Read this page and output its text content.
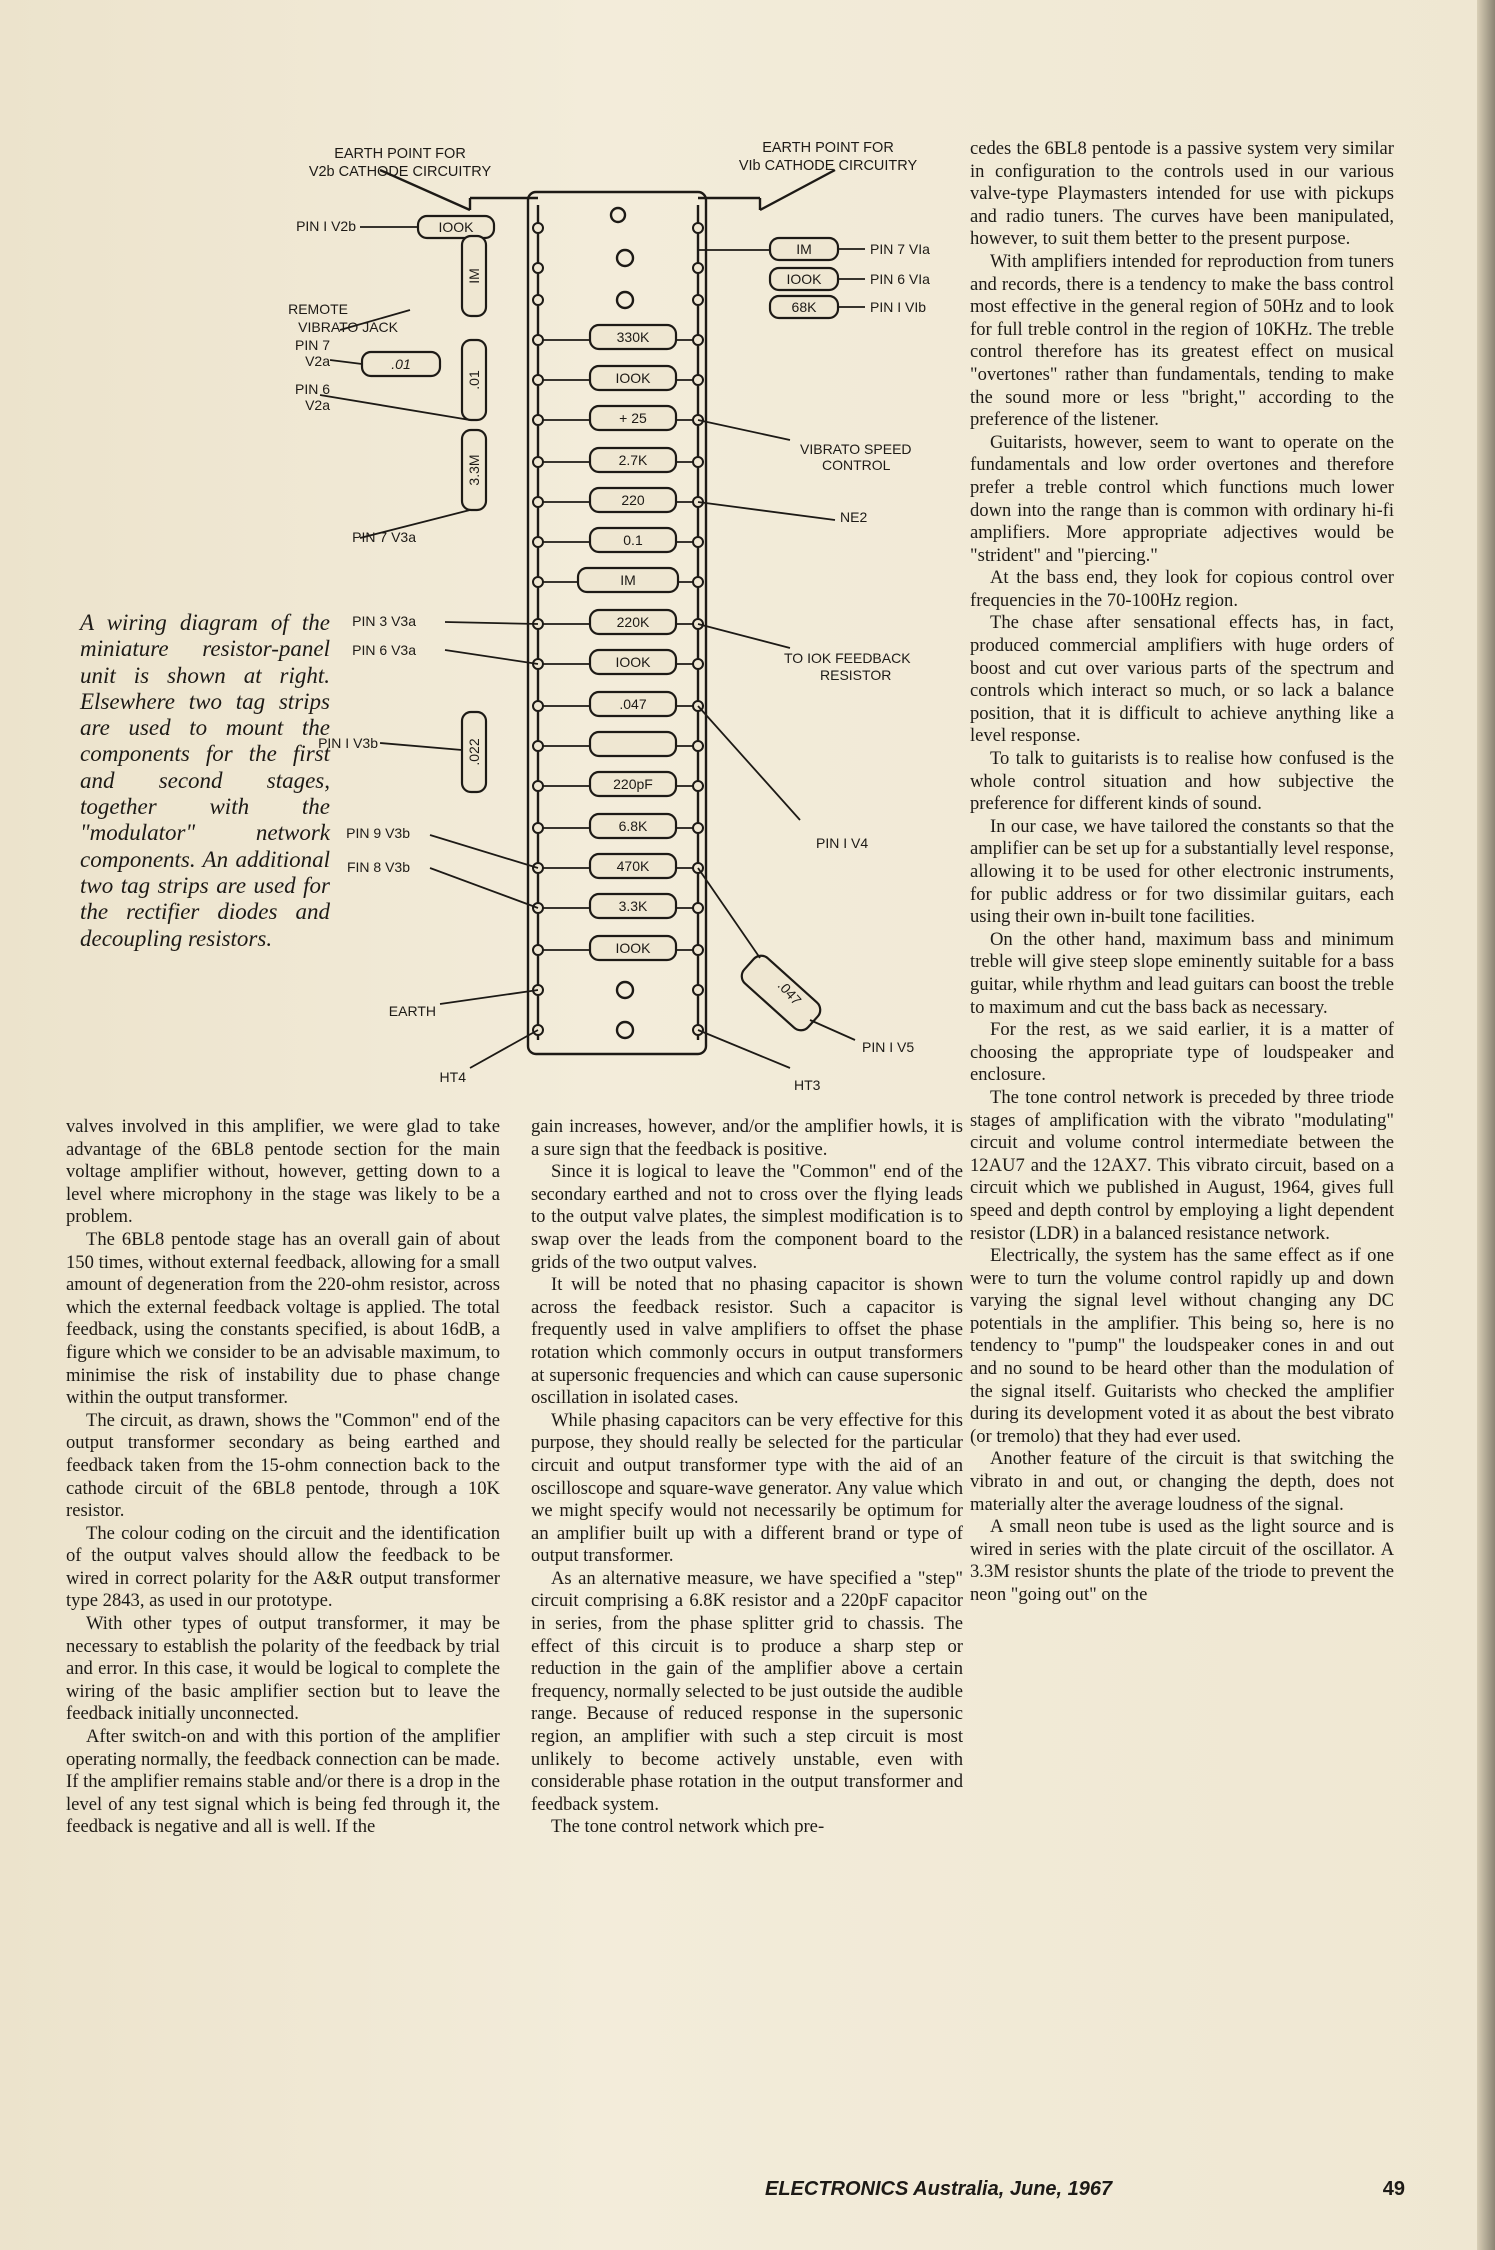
EARTH POINT FOR
V2b CATHODE CIRCUITRY
EARTH POINT FOR
VIb CATHODE CIRCUITRY
PIN I V2b
REMOTE
VIBRATO JACK
PIN 7
V2a
PIN 6
V2a
PIN 7 V3a
PIN 3 V3a
PIN 6 V3a
PIN I V3b
PIN 9 V3b
FIN 8 V3b
EARTH
HT4
PIN 7 VIa
PIN 6 VIa
PIN I VIb
VIBRATO SPEED
CONTROL
NE2
TO IOK FEEDBACK
RESISTOR
PIN I V4
PIN I V5
HT3
IOOK
IM
.01
.01
330K
IOOK
+ 25
3.3M	2.7K
220
0.1
IM
220K
IOOK
.047
.022
220pF
6.8K
470K
3.3K
IOOK
.047
IM
IOOK
68K
A wiring diagram of the miniature resistor-panel unit is shown at right. Elsewhere two tag strips are used to mount the components for the first and second stages, together with the "modulator" network components. An additional two tag strips are used for the rectifier diodes and decoupling resistors.

valves involved in this amplifier, we were glad to take advantage of the 6BL8 pentode section for the main voltage amplifier without, however, getting down to a level where microphony in the stage was likely to be a problem.

The 6BL8 pentode stage has an overall gain of about 150 times, without external feedback, allowing for a small amount of degeneration from the 220-ohm resistor, across which the external feedback voltage is applied. The total feedback, using the constants specified, is about 16dB, a figure which we consider to be an advisable maximum, to minimise the risk of instability due to phase change within the output transformer.

The circuit, as drawn, shows the "Common" end of the output transformer secondary as being earthed and feedback taken from the 15-ohm connection back to the cathode circuit of the 6BL8 pentode, through a 10K resistor.

The colour coding on the circuit and the identification of the output valves should allow the feedback to be wired in correct polarity for the A&R output transformer type 2843, as used in our prototype.

With other types of output transformer, it may be necessary to establish the polarity of the feedback by trial and error. In this case, it would be logical to complete the wiring of the basic amplifier section but to leave the feedback initially unconnected.

After switch-on and with this portion of the amplifier operating normally, the feedback connection can be made. If the amplifier remains stable and/or there is a drop in the level of any test signal which is being fed through it, the feedback is negative and all is well. If the

gain increases, however, and/or the amplifier howls, it is a sure sign that the feedback is positive.

Since it is logical to leave the "Common" end of the secondary earthed and not to cross over the flying leads to the output valve plates, the simplest modification is to swap over the leads from the component board to the grids of the two output valves.

It will be noted that no phasing capacitor is shown across the feedback resistor. Such a capacitor is frequently used in valve amplifiers to offset the phase rotation which commonly occurs in output transformers at supersonic frequencies and which can cause supersonic oscillation in isolated cases.

While phasing capacitors can be very effective for this purpose, they should really be selected for the particular circuit and output transformer type with the aid of an oscilloscope and square-wave generator. Any value which we might specify would not necessarily be optimum for an amplifier built up with a different brand or type of output transformer.

As an alternative measure, we have specified a "step" circuit comprising a 6.8K resistor and a 220pF capacitor in series, from the phase splitter grid to chassis. The effect of this circuit is to produce a sharp step or reduction in the gain of the amplifier above a certain frequency, normally selected to be just outside the audible range. Because of reduced response in the supersonic region, an amplifier with such a step circuit is most unlikely to become actively unstable, even with considerable phase rotation in the output transformer and feedback system.

The tone control network which pre-

cedes the 6BL8 pentode is a passive system very similar in configuration to the controls used in our various valve-type Playmasters intended for use with pickups and radio tuners. The curves have been manipulated, however, to suit them better to the present purpose.

With amplifiers intended for reproduction from tuners and records, there is a tendency to make the bass control most effective in the general region of 50Hz and to look for full treble control in the region of 10KHz. The treble control therefore has its greatest effect on musical "overtones" rather than fundamentals, tending to make the sound more or less "bright," according to the preference of the listener.

Guitarists, however, seem to want to operate on the fundamentals and low order overtones and therefore prefer a treble control which functions much lower down into the range than is common with ordinary hi-fi amplifiers. More appropriate adjectives would be "strident" and "piercing."

At the bass end, they look for copious control over frequencies in the 70-100Hz region.

The chase after sensational effects has, in fact, produced commercial amplifiers with huge orders of boost and cut over various parts of the spectrum and controls which interact so much, or so lack a balance position, that it is difficult to achieve anything like a level response.

To talk to guitarists is to realise how confused is the whole control situation and how subjective the preference for different kinds of sound.

In our case, we have tailored the constants so that the amplifier can be set up for a substantially level response, allowing it to be used for other electronic instruments, for public address or for two dissimilar guitars, each using their own in-built tone facilities.

On the other hand, maximum bass and minimum treble will give steep slope eminently suitable for a bass guitar, while rhythm and lead guitars can boost the treble to maximum and cut the bass back as necessary.

For the rest, as we said earlier, it is a matter of choosing the appropriate type of loudspeaker and enclosure.

The tone control network is preceded by three triode stages of amplification with the vibrato "modulating" circuit and volume control intermediate between the 12AU7 and the 12AX7. This vibrato circuit, based on a circuit which we published in August, 1964, gives full speed and depth control by employing a light dependent resistor (LDR) in a balanced resistance network.

Electrically, the system has the same effect as if one were to turn the volume control rapidly up and down varying the signal level without changing any DC potentials in the amplifier. This being so, here is no tendency to "pump" the loudspeaker cones in and out and no sound to be heard other than the modulation of the signal itself. Guitarists who checked the amplifier during its development voted it as about the best vibrato (or tremolo) that they had ever used.

Another feature of the circuit is that switching the vibrato in and out, or changing the depth, does not materially alter the average loudness of the signal.

A small neon tube is used as the light source and is wired in series with the plate circuit of the oscillator. A 3.3M resistor shunts the plate of the triode to prevent the neon "going out" on the

ELECTRONICS Australia, June, 1967	49
